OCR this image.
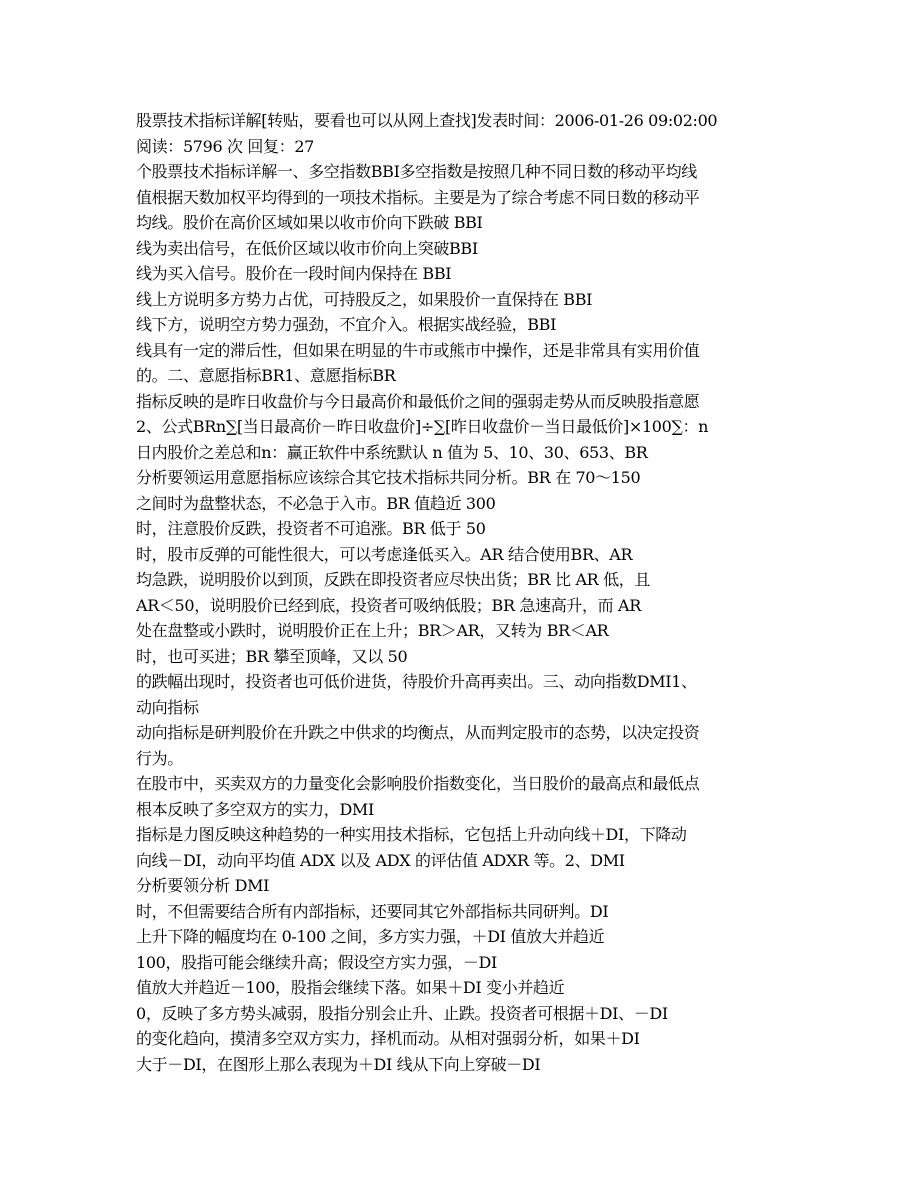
股票技术指标详解[转贴，要看也可以从网上查找]发表时间：2006-01-26 09:02:00
阅读：5796 次 回复：27
个股票技术指标详解一、多空指数BBI多空指数是按照几种不同日数的移动平均线
值根据天数加权平均得到的一项技术指标。主要是为了综合考虑不同日数的移动平
均线。股价在高价区域如果以收市价向下跌破 BBI
线为卖出信号，在低价区域以收市价向上突破BBI
线为买入信号。股价在一段时间内保持在 BBI
线上方说明多方势力占优，可持股反之，如果股价一直保持在 BBI
线下方，说明空方势力强劲，不宜介入。根据实战经验，BBI
线具有一定的滞后性，但如果在明显的牛市或熊市中操作，还是非常具有实用价值
的。二、意愿指标BR1、意愿指标BR
指标反映的是昨日收盘价与今日最高价和最低价之间的强弱走势从而反映股指意愿
2、公式BRn∑[当日最高价－昨日收盘价]÷∑[昨日收盘价－当日最低价]×100∑：n
日内股价之差总和n：赢正软件中系统默认 n 值为 5、10、30、653、BR
分析要领运用意愿指标应该综合其它技术指标共同分析。BR 在 70～150
之间时为盘整状态，不必急于入市。BR 值趋近 300
时，注意股价反跌，投资者不可追涨。BR 低于 50
时，股市反弹的可能性很大，可以考虑逢低买入。AR 结合使用BR、AR
均急跌，说明股价以到顶，反跌在即投资者应尽快出货；BR 比 AR 低，且
AR＜50，说明股价已经到底，投资者可吸纳低股；BR 急速高升，而 AR
处在盘整或小跌时，说明股价正在上升；BR＞AR，又转为 BR＜AR
时，也可买进；BR 攀至顶峰，又以 50
的跌幅出现时，投资者也可低价进货，待股价升高再卖出。三、动向指数DMI1、
动向指标
动向指标是研判股价在升跌之中供求的均衡点，从而判定股市的态势，以决定投资
行为。
在股市中，买卖双方的力量变化会影响股价指数变化，当日股价的最高点和最低点
根本反映了多空双方的实力，DMI
指标是力图反映这种趋势的一种实用技术指标，它包括上升动向线＋DI，下降动
向线－DI，动向平均值 ADX 以及 ADX 的评估值 ADXR 等。2、DMI
分析要领分析 DMI
时，不但需要结合所有内部指标，还要同其它外部指标共同研判。DI
上升下降的幅度均在 0-100 之间，多方实力强，＋DI 值放大并趋近
100，股指可能会继续升高；假设空方实力强，－DI
值放大并趋近－100，股指会继续下落。如果＋DI 变小并趋近
0，反映了多方势头减弱，股指分别会止升、止跌。投资者可根据＋DI、－DI
的变化趋向，摸清多空双方实力，择机而动。从相对强弱分析，如果＋DI
大于－DI，在图形上那么表现为＋DI 线从下向上穿破－DI
